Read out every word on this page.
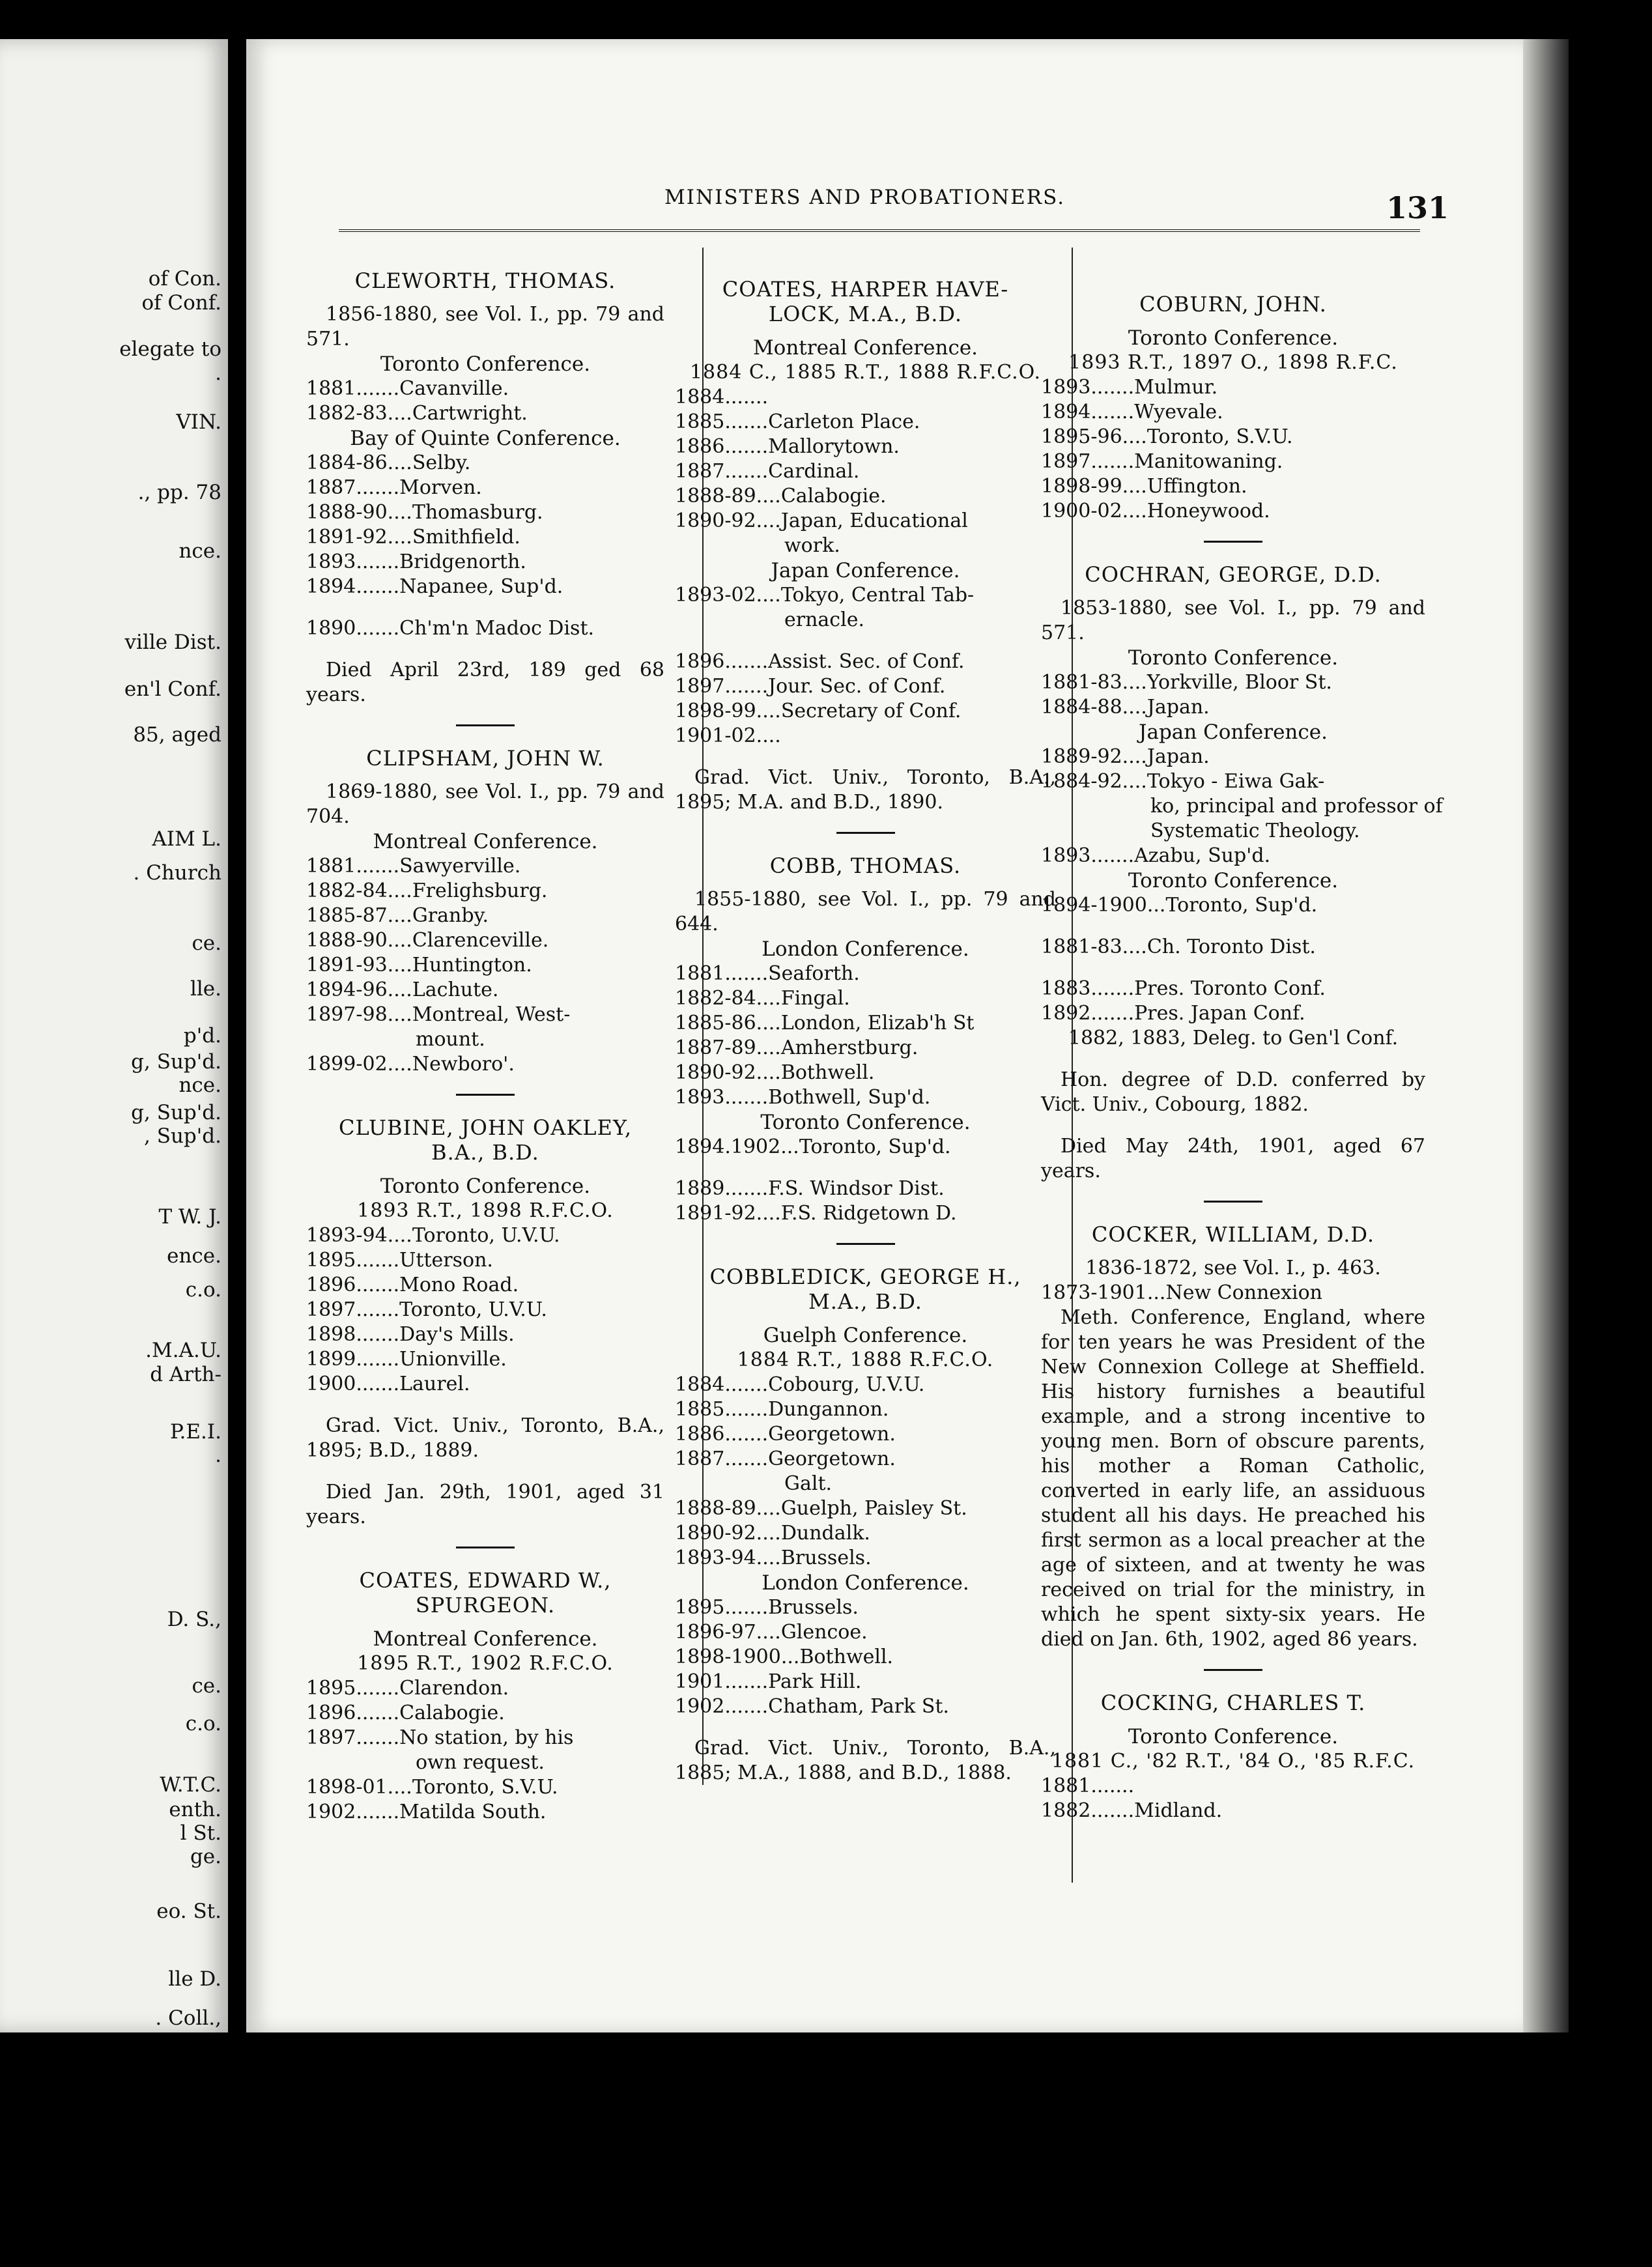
of Con.
of Conf.
elegate to
.
VIN.
., pp. 78
nce.
ville Dist.
en'l Conf.
85, aged
AIM L.
. Church
ce.
lle.
p'd.
g, Sup'd.
nce.
g, Sup'd.
, Sup'd.
T W. J.
ence.
c.o.
.M.A.U.
d Arth-
P.E.I.
.
D. S.,
ce.
c.o.
W.T.C.
enth.
l St.
ge.
eo. St.
lle D.
. Coll.,
MINISTERS AND PROBATIONERS.	131
CLEWORTH, THOMAS.
1856-1880, see Vol. I., pp. 79 and 571.
Toronto Conference.
1881 ....... Cavanville.
1882-83 .... Cartwright.
Bay of Quinte Conference.
1884-86 .... Selby.
1887 ....... Morven.
1888-90 .... Thomasburg.
1891-92 .... Smithfield.
1893 ....... Bridgenorth.
1894 ....... Napanee, Sup'd.
1890 ....... Ch'm'n Madoc Dist.
Died April 23rd, 189 ged 68 years.
CLIPSHAM, JOHN W.
1869-1880, see Vol. I., pp. 79 and 704.
Montreal Conference.
1881 ....... Sawyerville.
1882-84 .... Frelighsburg.
1885-87 .... Granby.
1888-90 .... Clarenceville.
1891-93 .... Huntington.
1894-96 .... Lachute.
1897-98 .... Montreal, West-
mount.
1899-02 .... Newboro'.
CLUBINE, JOHN OAKLEY,
B.A., B.D.
Toronto Conference.
1893 R.T., 1898 R.F.C.O.
1893-94 .... Toronto, U.V.U.
1895 ....... Utterson.
1896 ....... Mono Road.
1897 ....... Toronto, U.V.U.
1898 ....... Day's Mills.
1899 ....... Unionville.
1900 ....... Laurel.
Grad. Vict. Univ., Toronto, B.A., 1895; B.D., 1889.
Died Jan. 29th, 1901, aged 31 years.
COATES, EDWARD W.,
SPURGEON.
Montreal Conference.
1895 R.T., 1902 R.F.C.O.
1895 ....... Clarendon.
1896 ....... Calabogie.
1897 ....... No station, by his
own request.
1898-01 .... Toronto, S.V.U.
1902 ....... Matilda South.
COATES, HARPER HAVE-
LOCK, M.A., B.D.
Montreal Conference.
1884 C., 1885 R.T., 1888 R.F.C.O.
1884 .......
1885 ....... Carleton Place.
1886 ....... Mallorytown.
1887 ....... Cardinal.
1888-89 .... Calabogie.
1890-92 .... Japan, Educational
work.
Japan Conference.
1893-02 .... Tokyo, Central Tab-
ernacle.
1896 ....... Assist. Sec. of Conf.
1897 ....... Jour. Sec. of Conf.
1898-99 .... Secretary of Conf.
1901-02 ....
Grad. Vict. Univ., Toronto, B.A., 1895; M.A. and B.D., 1890.
COBB, THOMAS.
1855-1880, see Vol. I., pp. 79 and 644.
London Conference.
1881 ....... Seaforth.
1882-84 .... Fingal.
1885-86 .... London, Elizab'h St
1887-89 .... Amherstburg.
1890-92 .... Bothwell.
1893 ....... Bothwell, Sup'd.
Toronto Conference.
1894.1902 ... Toronto, Sup'd.
1889 ....... F.S. Windsor Dist.
1891-92 .... F.S. Ridgetown D.
COBBLEDICK, GEORGE H.,
M.A., B.D.
Guelph Conference.
1884 R.T., 1888 R.F.C.O.
1884 ....... Cobourg, U.V.U.
1885 ....... Dungannon.
1886 ....... Georgetown.
1887 ....... Georgetown.
Galt.
1888-89 .... Guelph, Paisley St.
1890-92 .... Dundalk.
1893-94 .... Brussels.
London Conference.
1895 ....... Brussels.
1896-97 .... Glencoe.
1898-1900 ... Bothwell.
1901 ....... Park Hill.
1902 ....... Chatham, Park St.
Grad. Vict. Univ., Toronto, B.A., 1885; M.A., 1888, and B.D., 1888.
COBURN, JOHN.
Toronto Conference.
1893 R.T., 1897 O., 1898 R.F.C.
1893 ....... Mulmur.
1894 ....... Wyevale.
1895-96 .... Toronto, S.V.U.
1897 ....... Manitowaning.
1898-99 .... Uffington.
1900-02 .... Honeywood.
COCHRAN, GEORGE, D.D.
1853-1880, see Vol. I., pp. 79 and 571.
Toronto Conference.
1881-83 .... Yorkville, Bloor St.
1884-88 .... Japan.
Japan Conference.
1889-92 .... Japan.
1884-92 .... Tokyo - Eiwa Gak-
ko, principal and professor of
Systematic Theology.
1893 ....... Azabu, Sup'd.
Toronto Conference.
1894-1900 ... Toronto, Sup'd.
1881-83 .... Ch. Toronto Dist.
1883 ....... Pres. Toronto Conf.
1892 ....... Pres. Japan Conf.
1882, 1883, Deleg. to Gen'l Conf.
Hon. degree of D.D. conferred by Vict. Univ., Cobourg, 1882.
Died May 24th, 1901, aged 67 years.
COCKER, WILLIAM, D.D.
1836-1872, see Vol. I., p. 463.
1873-1901 ... New Connexion
Meth. Conference, England, where for ten years he was President of the New Connexion College at Sheffield. His history furnishes a beautiful example, and a strong incentive to young men. Born of obscure parents, his mother a Roman Catholic, converted in early life, an assiduous student all his days. He preached his first sermon as a local preacher at the age of sixteen, and at twenty he was received on trial for the ministry, in which he spent sixty-six years. He died on Jan. 6th, 1902, aged 86 years.
COCKING, CHARLES T.
Toronto Conference.
1881 C., '82 R.T., '84 O., '85 R.F.C.
1881 .......
1882 ....... Midland.
